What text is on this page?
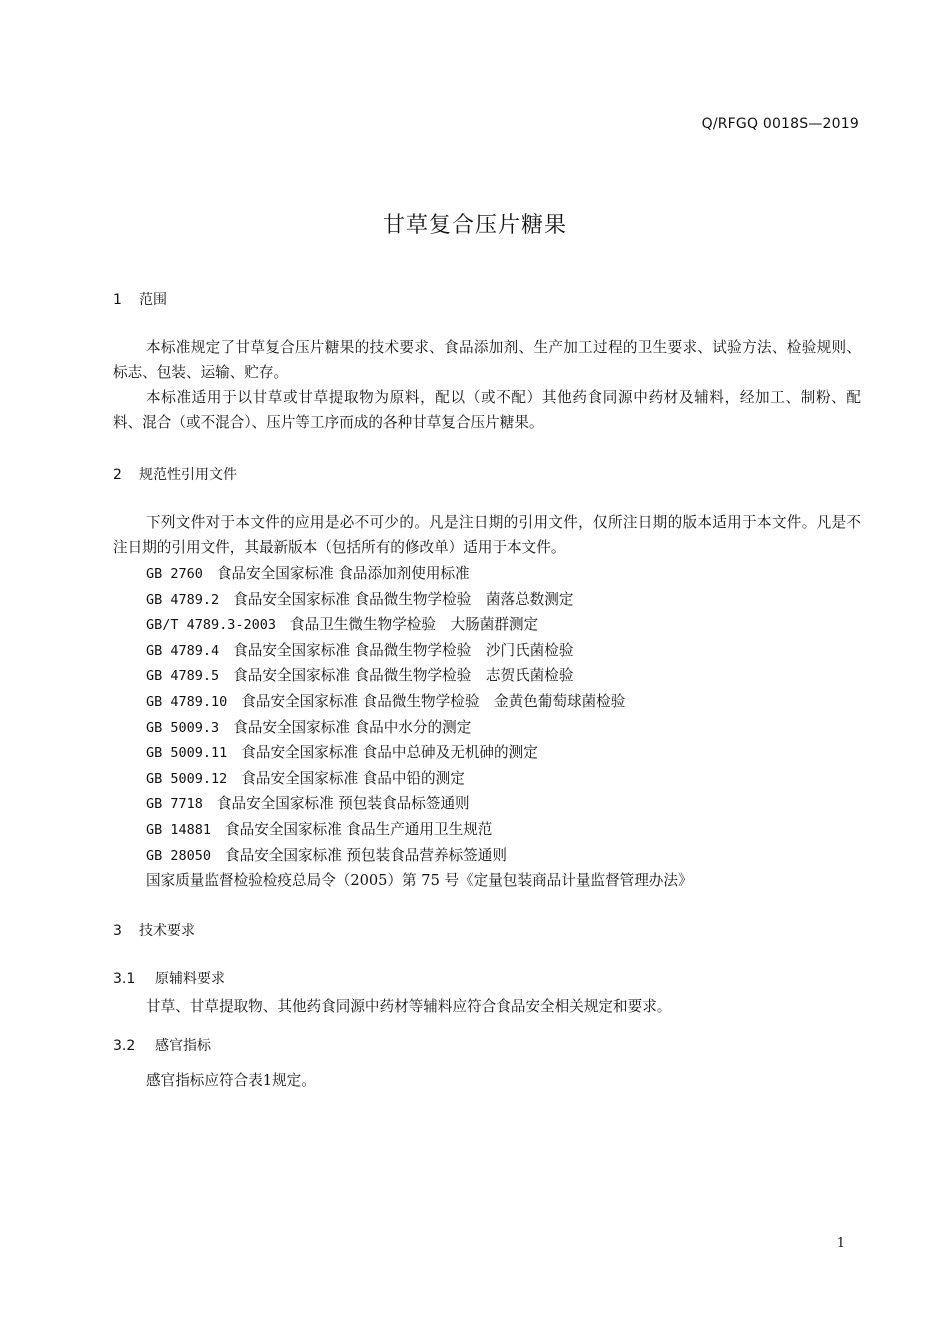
Q/RFGQ 0018S—2019
甘草复合压片糖果
1 范围
本标准规定了甘草复合压片糖果的技术要求、食品添加剂、生产加工过程的卫生要求、试验方法、检验规则、标志、包装、运输、贮存。
本标准适用于以甘草或甘草提取物为原料，配以（或不配）其他药食同源中药材及辅料，经加工、制粉、配料、混合（或不混合）、压片等工序而成的各种甘草复合压片糖果。
2 规范性引用文件
下列文件对于本文件的应用是必不可少的。凡是注日期的引用文件，仅所注日期的版本适用于本文件。凡是不注日期的引用文件，其最新版本（包括所有的修改单）适用于本文件。
GB 2760 食品安全国家标准 食品添加剂使用标准
GB 4789.2 食品安全国家标准 食品微生物学检验　菌落总数测定
GB/T 4789.3-2003 食品卫生微生物学检验　大肠菌群测定
GB 4789.4 食品安全国家标准 食品微生物学检验　沙门氏菌检验
GB 4789.5 食品安全国家标准 食品微生物学检验　志贺氏菌检验
GB 4789.10 食品安全国家标准 食品微生物学检验　金黄色葡萄球菌检验
GB 5009.3 食品安全国家标准 食品中水分的测定
GB 5009.11 食品安全国家标准 食品中总砷及无机砷的测定
GB 5009.12 食品安全国家标准 食品中铅的测定
GB 7718 食品安全国家标准 预包装食品标签通则
GB 14881 食品安全国家标准 食品生产通用卫生规范
GB 28050 食品安全国家标准 预包装食品营养标签通则
国家质量监督检验检疫总局令（2005）第 75 号《定量包装商品计量监督管理办法》
3 技术要求
3.1 原辅料要求
甘草、甘草提取物、其他药食同源中药材等辅料应符合食品安全相关规定和要求。
3.2 感官指标
感官指标应符合表1规定。
1
